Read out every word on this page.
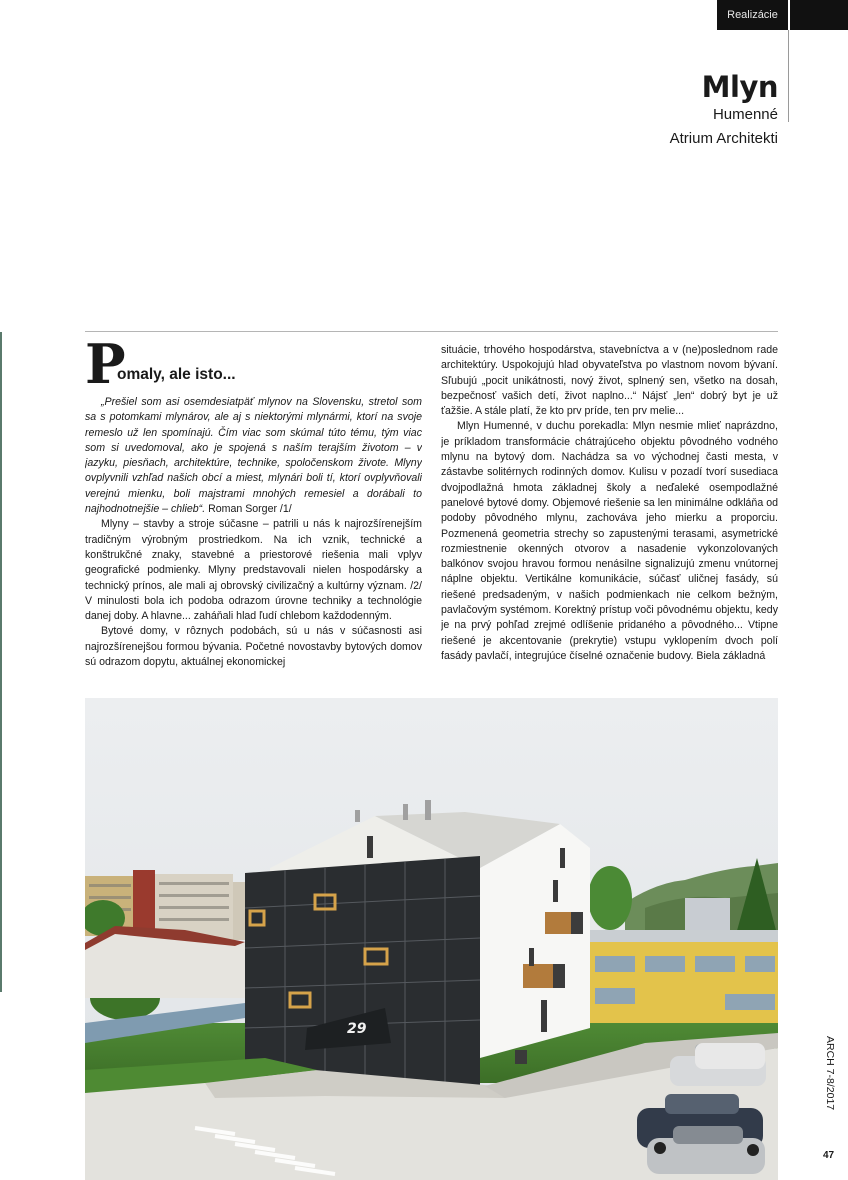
Realizácie
Mlyn
Humenné
Atrium Architekti
P
omaly, ale isto...

„Prešiel som asi osemdesiatpäť mlynov na Slovensku, stretol som sa s potomkami mlynárov, ale aj s niektorými mlynármi, ktorí na svoje remeslo už len spomínajú. Čím viac som skúmal túto tému, tým viac som si uvedomoval, ako je spojená s naším terajším životom – v jazyku, piesňach, architektúre, technike, spoločenskom živote. Mlyny ovplyvnili vzhľad našich obcí a miest, mlynári boli tí, ktorí ovplyvňovali verejnú mienku, boli majstrami mnohých remesiel a dorábali to najhodnotnejšie – chlieb“. Roman Sorger /1/

Mlyny – stavby a stroje súčasne – patrili u nás k najrozšírenejším tradičným výrobným prostriedkom. Na ich vznik, technické a konštrukčné znaky, stavebné a priestorové riešenia mali vplyv geografické podmienky. Mlyny predstavovali nielen hospodársky a technický prínos, ale mali aj obrovský civilizačný a kultúrny význam. /2/ V minulosti bola ich podoba odrazom úrovne techniky a technológie danej doby. A hlavne... zaháňali hlad ľudí chlebom každodenným.

Bytové domy, v rôznych podobách, sú u nás v súčasnosti asi najrozšírenejšou formou bývania. Početné novostavby bytových domov sú odrazom dopytu, aktuálnej ekonomickej

situácie, trhového hospodárstva, stavebníctva a v (ne)poslednom rade architektúry. Uspokojujú hlad obyvateľstva po vlastnom novom bývaní. Sľubujú „pocit unikátnosti, nový život, splnený sen, všetko na dosah, bezpečnosť vašich detí, život naplno...“ Nájsť „len“ dobrý byt je už ťažšie. A stále platí, že kto prv príde, ten prv melie...

Mlyn Humenné, v duchu porekadla: Mlyn nesmie mlieť naprázdno, je príkladom transformácie chátrajúceho objektu pôvodného vodného mlynu na bytový dom. Nachádza sa vo východnej časti mesta, v zástavbe solitérnych rodinných domov. Kulisu v pozadí tvorí susediaca dvojpodlažná hmota základnej školy a neďaleké osempodlažné panelové bytové domy. Objemové riešenie sa len minimálne odkláňa od podoby pôvodného mlynu, zachováva jeho mierku a proporciu. Pozmenená geometria strechy so zapustenými terasami, asymetrické rozmiestnenie okenných otvorov a nasadenie vykonzolovaných balkónov svojou hravou formou nenásilne signalizujú zmenu vnútornej náplne objektu. Vertikálne komunikácie, súčasť uličnej fasády, sú riešené predsadeným, v našich podmienkach nie celkom bežným, pavlačovým systémom. Korektný prístup voči pôvodnému objektu, kedy je na prvý pohľad zrejmé odlíšenie pridaného a pôvodného... Vtipne riešené je akcentovanie (prekrytie) vstupu vyklopením dvoch polí fasády pavlačí, integrujúce číselné označenie budovy. Biela základná

29
ARCH 7-8/2017
47
